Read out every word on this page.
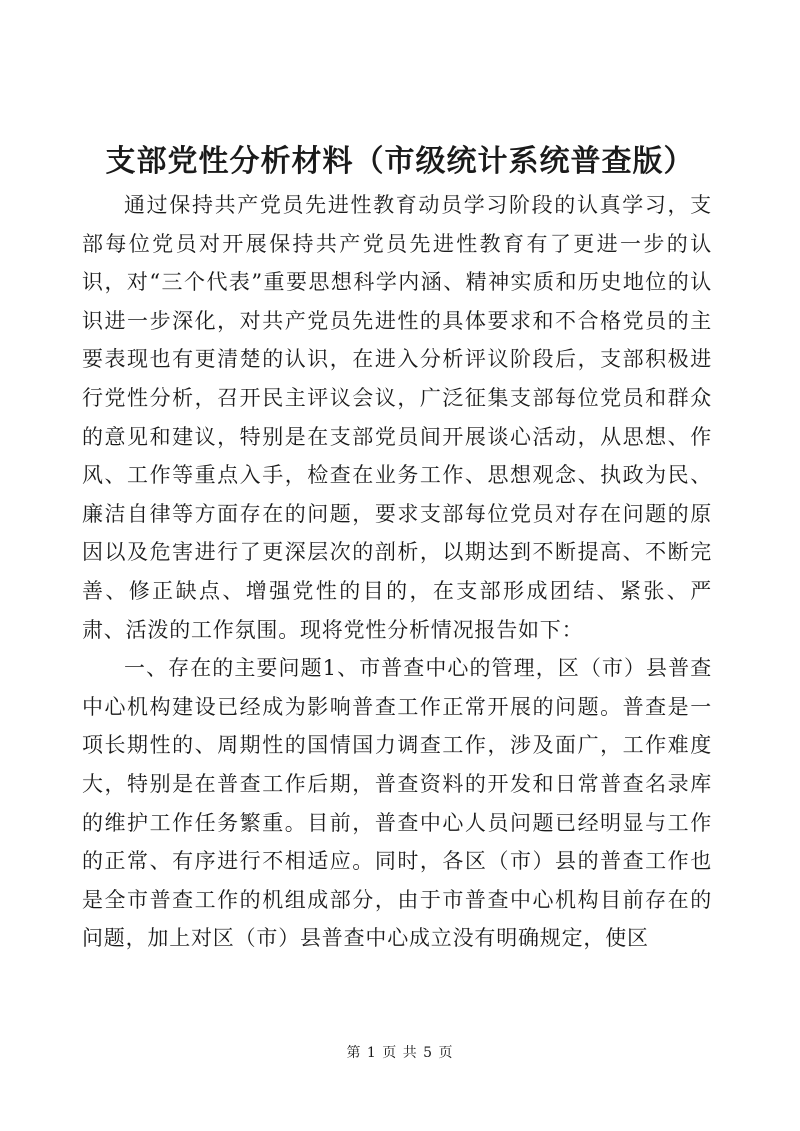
支部党性分析材料（市级统计系统普查版）

通过保持共产党员先进性教育动员学习阶段的认真学习，支部每位党员对开展保持共产党员先进性教育有了更进一步的认识，对“三个代表”重要思想科学内涵、精神实质和历史地位的认识进一步深化，对共产党员先进性的具体要求和不合格党员的主要表现也有更清楚的认识，在进入分析评议阶段后，支部积极进行党性分析，召开民主评议会议，广泛征集支部每位党员和群众的意见和建议，特别是在支部党员间开展谈心活动，从思想、作风、工作等重点入手，检查在业务工作、思想观念、执政为民、廉洁自律等方面存在的问题，要求支部每位党员对存在问题的原因以及危害进行了更深层次的剖析，以期达到不断提高、不断完善、修正缺点、增强党性的目的，在支部形成团结、紧张、严肃、活泼的工作氛围。现将党性分析情况报告如下：

一、存在的主要问题1、市普查中心的管理，区（市）县普查中心机构建设已经成为影响普查工作正常开展的问题。普查是一项长期性的、周期性的国情国力调查工作，涉及面广，工作难度大，特别是在普查工作后期，普查资料的开发和日常普查名录库的维护工作任务繁重。目前，普查中心人员问题已经明显与工作的正常、有序进行不相适应。同时，各区（市）县的普查工作也是全市普查工作的机组成部分，由于市普查中心机构目前存在的问题，加上对区（市）县普查中心成立没有明确规定，使区

第 1 页 共 5 页
